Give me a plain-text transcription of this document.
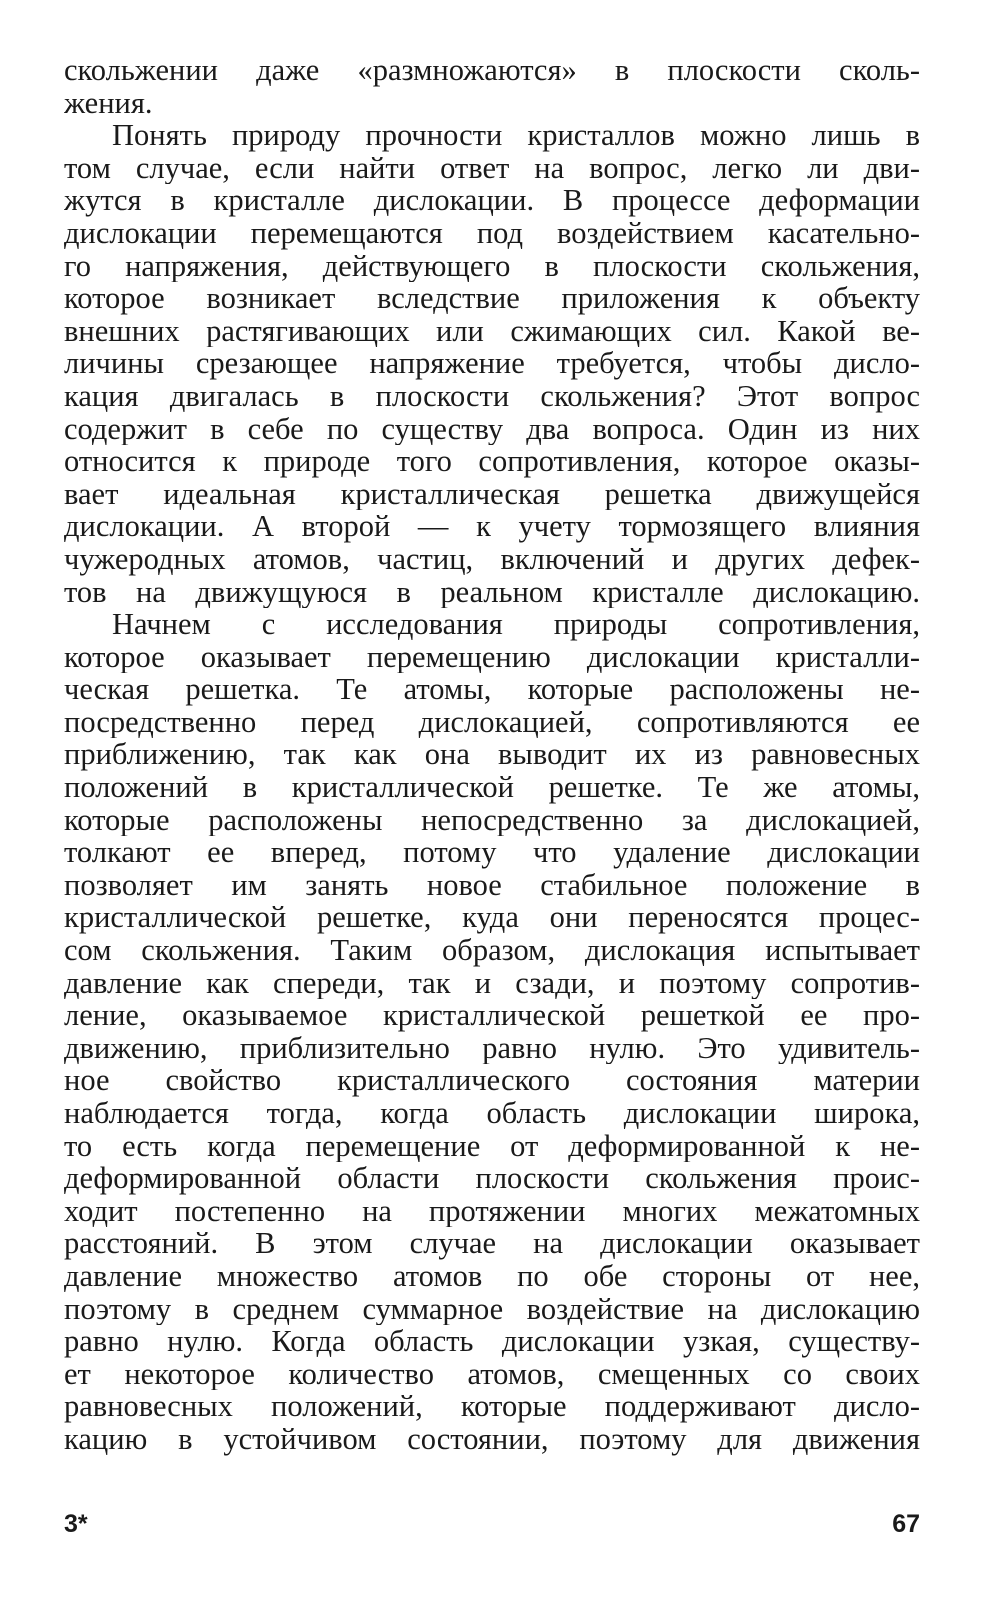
скольжении даже «размножаются» в плоскости сколь-
жения.
Понять природу прочности кристаллов можно лишь в
том случае, если найти ответ на вопрос, легко ли дви-
жутся в кристалле дислокации. В процессе деформации
дислокации перемещаются под воздействием касательно-
го напряжения, действующего в плоскости скольжения,
которое возникает вследствие приложения к объекту
внешних растягивающих или сжимающих сил. Какой ве-
личины срезающее напряжение требуется, чтобы дисло-
кация двигалась в плоскости скольжения? Этот вопрос
содержит в себе по существу два вопроса. Один из них
относится к природе того сопротивления, которое оказы-
вает идеальная кристаллическая решетка движущейся
дислокации. А второй — к учету тормозящего влияния
чужеродных атомов, частиц, включений и других дефек-
тов на движущуюся в реальном кристалле дислокацию.
Начнем с исследования природы сопротивления,
которое оказывает перемещению дислокации кристалли-
ческая решетка. Те атомы, которые расположены не-
посредственно перед дислокацией, сопротивляются ее
приближению, так как она выводит их из равновесных
положений в кристаллической решетке. Те же атомы,
которые расположены непосредственно за дислокацией,
толкают ее вперед, потому что удаление дислокации
позволяет им занять новое стабильное положение в
кристаллической решетке, куда они переносятся процес-
сом скольжения. Таким образом, дислокация испытывает
давление как спереди, так и сзади, и поэтому сопротив-
ление, оказываемое кристаллической решеткой ее про-
движению, приблизительно равно нулю. Это удивитель-
ное свойство кристаллического состояния материи
наблюдается тогда, когда область дислокации широка,
то есть когда перемещение от деформированной к не-
деформированной области плоскости скольжения проис-
ходит постепенно на протяжении многих межатомных
расстояний. В этом случае на дислокации оказывает
давление множество атомов по обе стороны от нее,
поэтому в среднем суммарное воздействие на дислокацию
равно нулю. Когда область дислокации узкая, существу-
ет некоторое количество атомов, смещенных со своих
равновесных положений, которые поддерживают дисло-
кацию в устойчивом состоянии, поэтому для движения
3*	67
